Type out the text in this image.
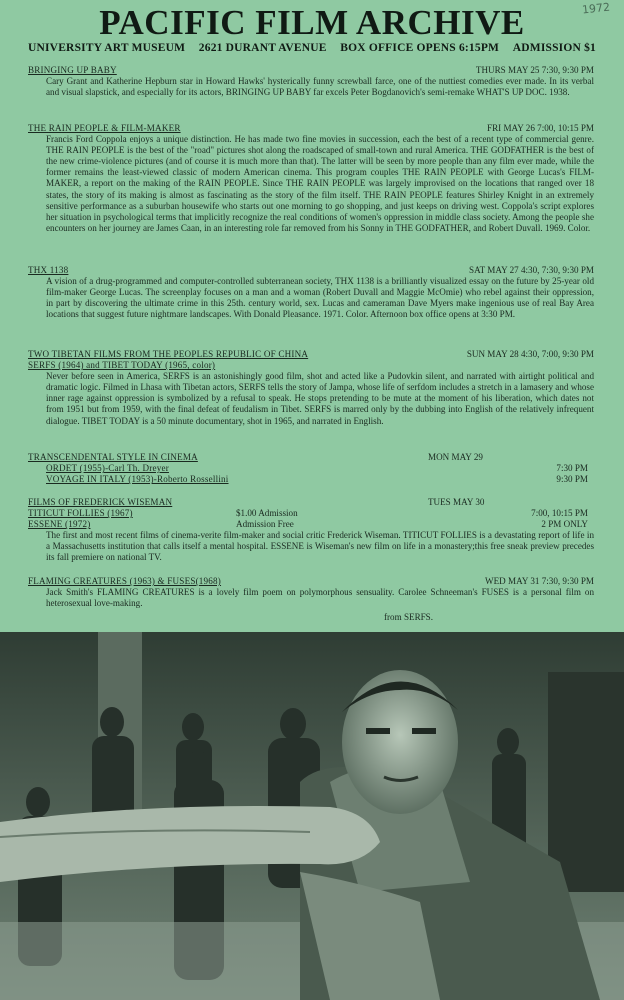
PACIFIC FILM ARCHIVE	1972
UNIVERSITY ART MUSEUM 2621 DURANT AVENUE BOX OFFICE OPENS 6:15PM ADMISSION $1
BRINGING UP BABY	THURS MAY 25 7:30, 9:30 PM
Cary Grant and Katherine Hepburn star in Howard Hawks' hysterically funny screwball farce, one of the nuttiest comedies ever made. In its verbal and visual slapstick, and especially for its actors, BRINGING UP BABY far excels Peter Bogdanovich's semi-remake WHAT'S UP DOC. 1938.
THE RAIN PEOPLE & FILM-MAKER	FRI MAY 26 7:00, 10:15 PM
Francis Ford Coppola enjoys a unique distinction. He has made two fine movies in succession, each the best of a recent type of commercial genre. THE RAIN PEOPLE is the best of the "road" pictures shot along the roadscaped of small-town and rural America. THE GODFATHER is the best of the new crime-violence pictures (and of course it is much more than that). The latter will be seen by more people than any film ever made, while the former remains the least-viewed classic of modern American cinema. This program couples THE RAIN PEOPLE with George Lucas's FILM-MAKER, a report on the making of the RAIN PEOPLE. Since THE RAIN PEOPLE was largely improvised on the locations that ranged over 18 states, the story of its making is almost as fascinating as the story of the film itself. THE RAIN PEOPLE features Shirley Knight in an extremely sensitive performance as a suburban housewife who starts out one morning to go shopping, and just keeps on driving west. Coppola's script explores her situation in psychological terms that implicitly recognize the real conditions of women's oppression in middle class society. Among the people she encounters on her journey are James Caan, in an interesting role far removed from his Sonny in THE GODFATHER, and Robert Duvall. 1969. Color.
THX 1138	SAT MAY 27 4:30, 7:30, 9:30 PM
A vision of a drug-programmed and computer-controlled subterranean society, THX 1138 is a brilliantly visualized essay on the future by 25-year old film-maker George Lucas. The screenplay focuses on a man and a woman (Robert Duvall and Maggie McOmie) who rebel against their oppression, in part by discovering the ultimate crime in this 25th. century world, sex. Lucas and cameraman Dave Myers make ingenious use of real Bay Area locations that suggest future nightmare landscapes. With Donald Pleasance. 1971. Color. Afternoon box office opens at 3:30 PM.
TWO TIBETAN FILMS FROM THE PEOPLES REPUBLIC OF CHINA	SUN MAY 28 4:30, 7:00, 9:30 PM
SERFS (1964) and TIBET TODAY (1965, color)
Never before seen in America, SERFS is an astonishingly good film, shot and acted like a Pudovkin silent, and narrated with airtight political and dramatic logic. Filmed in Lhasa with Tibetan actors, SERFS tells the story of Jampa, whose life of serfdom includes a stretch in a lamasery and whose inner rage against oppression is symbolized by a refusal to speak. He stops pretending to be mute at the moment of his liberation, which dates not from 1951 but from 1959, with the final defeat of feudalism in Tibet. SERFS is marred only by the dubbing into English of the relatively infrequent dialogue. TIBET TODAY is a 50 minute documentary, shot in 1965, and narrated in English.
TRANSCENDENTAL STYLE IN CINEMA	MON MAY 29
ORDET (1955)-Carl Th. Dreyer	7:30 PM
VOYAGE IN ITALY (1953)-Roberto Rossellini	9:30 PM
FILMS OF FREDERICK WISEMAN	TUES MAY 30
TITICUT FOLLIES (1967)	$1.00 Admission	7:00, 10:15 PM
ESSENE (1972)	Admission Free	2 PM ONLY
The first and most recent films of cinema-verite film-maker and social critic Frederick Wiseman. TITICUT FOLLIES is a devastating report of life in a Massachusetts institution that calls itself a mental hospital. ESSENE is Wiseman's new film on life in a monastery;this free sneak preview precedes its fall premiere on national TV.
FLAMING CREATURES (1963) & FUSES(1968)	WED MAY 31 7:30, 9:30 PM
Jack Smith's FLAMING CREATURES is a lovely film poem on polymorphous sensuality. Carolee Schneeman's FUSES is a personal film on heterosexual love-making.
from SERFS.
